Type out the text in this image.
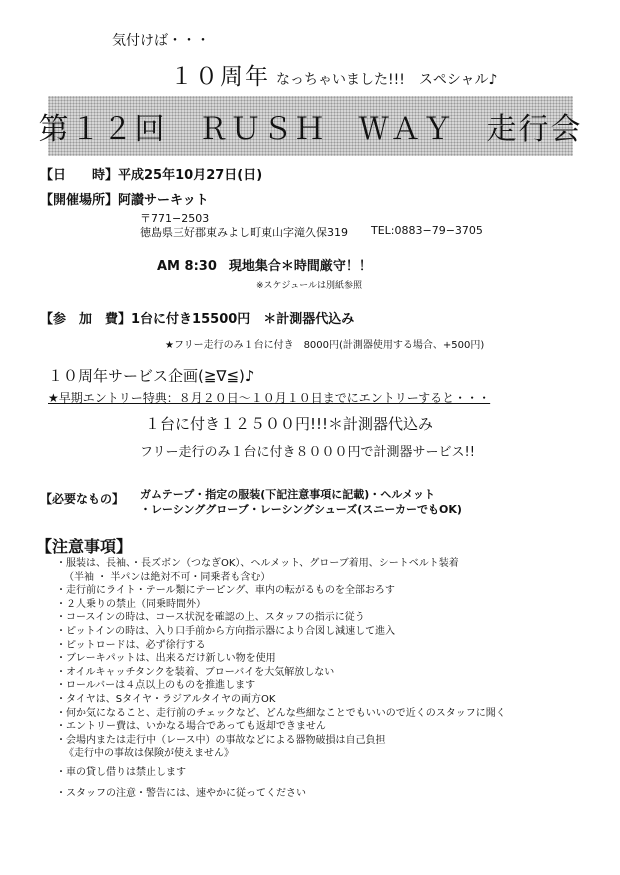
気付けば・・・
１０周年 なっちゃいました!!!　スペシャル♪
第１２回　ＲＵＳＨ　ＷＡＹ　走行会
【日　　時】平成25年10月27日(日)
【開催場所】阿讃サーキット
〒771−2503
徳島県三好郡東みよし町東山字滝久保319 TEL:0883−79−3705
AM 8:30 現地集合＊時間厳守！！
※スケジュールは別紙参照
【参　加　費】1台に付き15500円　＊計測器代込み
★フリー走行のみ１台に付き　8000円(計測器使用する場合、+500円)
１０周年サービス企画(≧∇≦)♪
★早期エントリー特典：８月２０日〜１０月１０日までにエントリーすると・・・
１台に付き１２５００円!!!＊計測器代込み
フリー走行のみ１台に付き８０００円で計測器サービス!!
【必要なもの】 ガムテープ・指定の服装(下記注意事項に記載)・ヘルメット
・レーシンググローブ・レーシングシューズ(スニーカーでもOK)
【注意事項】
・服装は、長袖、・長ズボン（つなぎOK）、ヘルメット、グローブ着用、シートベルト装着
（半袖 ・ 半パンは絶対不可・同乗者も含む）
・走行前にライト・テール類にテーピング、車内の転がるものを全部おろす
・２人乗りの禁止（同乗時間外）
・コースインの時は、コース状況を確認の上、スタッフの指示に従う
・ピットインの時は、入り口手前から方向指示器により合図し減速して進入
・ピットロードは、必ず徐行する
・ブレーキパットは、出来るだけ新しい物を使用
・オイルキャッチタンクを装着、ブローバイを大気解放しない
・ロールバーは４点以上のものを推進します
・タイヤは、Sタイヤ・ラジアルタイヤの両方OK
・何か気になること、走行前のチェックなど、どんな些細なことでもいいので近くのスタッフに聞く
・エントリー費は、いかなる場合であっても返却できません
・会場内または走行中（レース中）の事故などによる器物破損は自己負担
《走行中の事故は保険が使えません》
・車の貸し借りは禁止します
・スタッフの注意・警告には、速やかに従ってください
